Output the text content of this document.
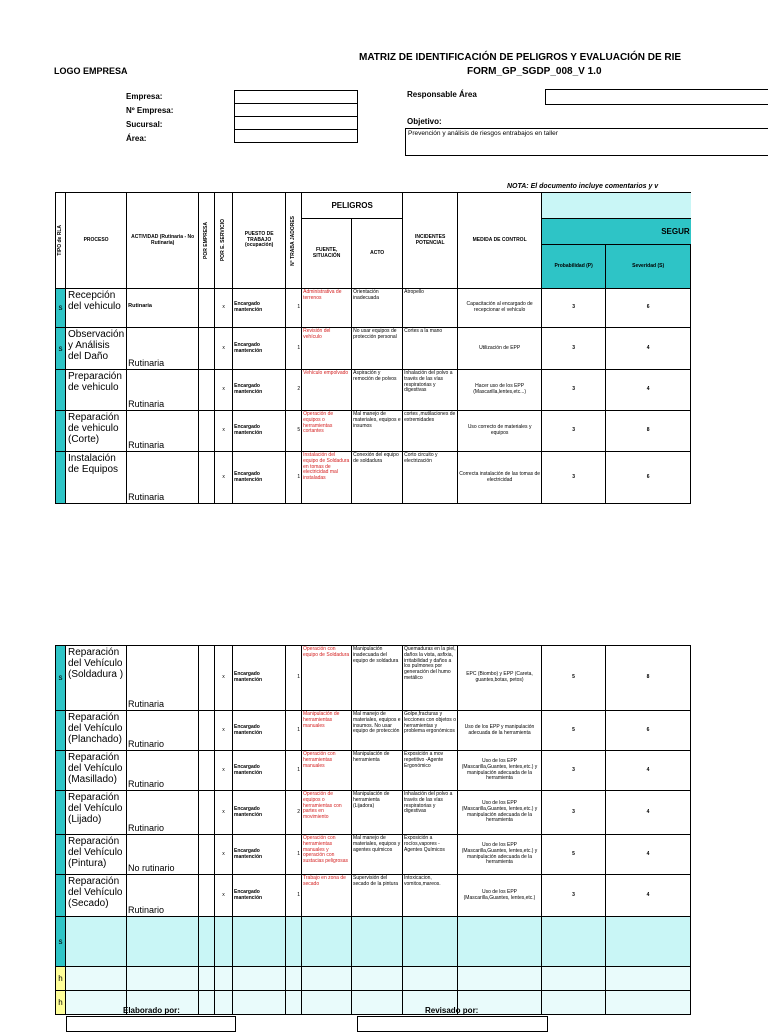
MATRIZ DE IDENTIFICACIÓN DE PELIGROS Y EVALUACIÓN DE RIE
FORM_GP_SGDP_008_V 1.0
LOGO EMPRESA
Empresa:
Nº Empresa:
Sucursal:
Área:
Responsable Área
Objetivo:
Prevención y análisis de riesgos entrabajos en taller
NOTA: El documento incluye comentarios y v
TIPO de RLA	PROCESO	ACTIVIDAD (Rutinaria - No Rutinaria)	POR EMPRESA	POR E. SERVICIO	PUESTO DE TRABAJO (ocupación)	N° TRABA JADORES	PELIGROS		INCIDENTES POTENCIAL	MEDIDA DE CONTROL		
							FUENTE, SITUACIÓN	ACTO			SEGUR	
											Probabilidad (P)	Severidad (S)
s	Recepción del vehiculo	Rutinaria		x	Encargado mantención	1	Administrativa de terrenos	Orientación inadecuada	Atropello	Capacitación al encargado de recepcionar el vehículo	3	6
s	Observación y Análisis del Daño	Rutinaria		x	Encargado mantención	1	Revisión del vehículo	No usar equipos de protección personal	Cortes a la mano	Utilización de EPP	3	4

	Preparación de vehiculo	Rutinaria		x	Encargado mantención	2	Vehículo empolvado	Aspiración y remoción de polvos	Inhalación del polvo a través de las vías respiratorias y digestivas	Hacer uso de los EPP (Mascarilla,lentes,etc...)	3	4

	Reparación de vehiculo (Corte)	Rutinaria		x	Encargado mantención	5	Operación de equipos o herramientas cortantes	Mal manejo de materiales, equipos e insumos	cortes ,mutilaciones de extremidades	Uso correcto de materiales y equipos	3	8

	Instalación de Equipos	Rutinaria		x	Encargado mantención	1	Instalación del equipo de Soldadura en tomas de electricidad mal instaladas	Conexión del equipo de soldadura	Corto circuito y electrización	Correcta instalación de las tomas de electricidad	3	6
s	Reparación del Vehículo (Soldadura )	Rutinaria		x	Encargado mantención	1	Operación con equipo de Soldadura	Manipulación inadecuada del equipo de soldadura	Quemaduras en la piel, daños la vista, asfixia, irritabilidad y daños a los pulmones por generación del humo metálico	EPC (Biombo) y EPP (Careta, guantes,botas, petos)	5	8

	Reparación del Vehículo (Planchado)	Rutinario		x	Encargado mantención	1	Manipulación de herramientas manuales	Mal manejo de materiales, equipos e insumos. No usar equipo de protección	Golpe,fracturas y lecciones con objetos o herramientas y problema ergonómicos	Uso de los EPP y manipulación adecuada de la herramienta	5	6

	Reparación del Vehículo (Masillado)	Rutinario		x	Encargado mantención	1	Operación con herramientas manuales	Manipulación de herramienta	Exposición a mov repetitivo -Agente Ergonómico	Uso de los EPP (Mascarilla,Guantes, lentes,etc.) y manipulación adecuada de la herramienta	3	4

	Reparación del Vehículo (Lijado)	Rutinario		x	Encargado mantención	2	Operación de equipos o herramientas con partes en movimiento	Manipulación de herramienta (Lijadora)	Inhalación del polvo a través de las vías respiratorias y digestivas	Uso de los EPP (Mascarilla,Guantes, lentes,etc.) y manipulación adecuada de la herramienta	3	4

	Reparación del Vehículo (Pintura)	No rutinario		x	Encargado mantención	1	Operación con herramientas manuales y operación con sustacias peligrosas	Mal manejo de materiales, equipos y agentes químicos	Exposición a rocíos,vapores - Agentes Químicos	Uso de los EPP (Mascarilla,Guantes, lentes,etc.) y manipulación adecuada de la herramienta	5	4

	Reparación del Vehículo (Secado)	Rutinario		x	Encargado mantención	1	Trabajo en zona de secado	Supervisión del secado de la pintura	Intoxicacion, vomitos,mareos.	Uso de los EPP (Mascarilla,Guantes, lentes,etc.)	3	4
s												
h												
h												
Elaborado por:	Revisado por:
